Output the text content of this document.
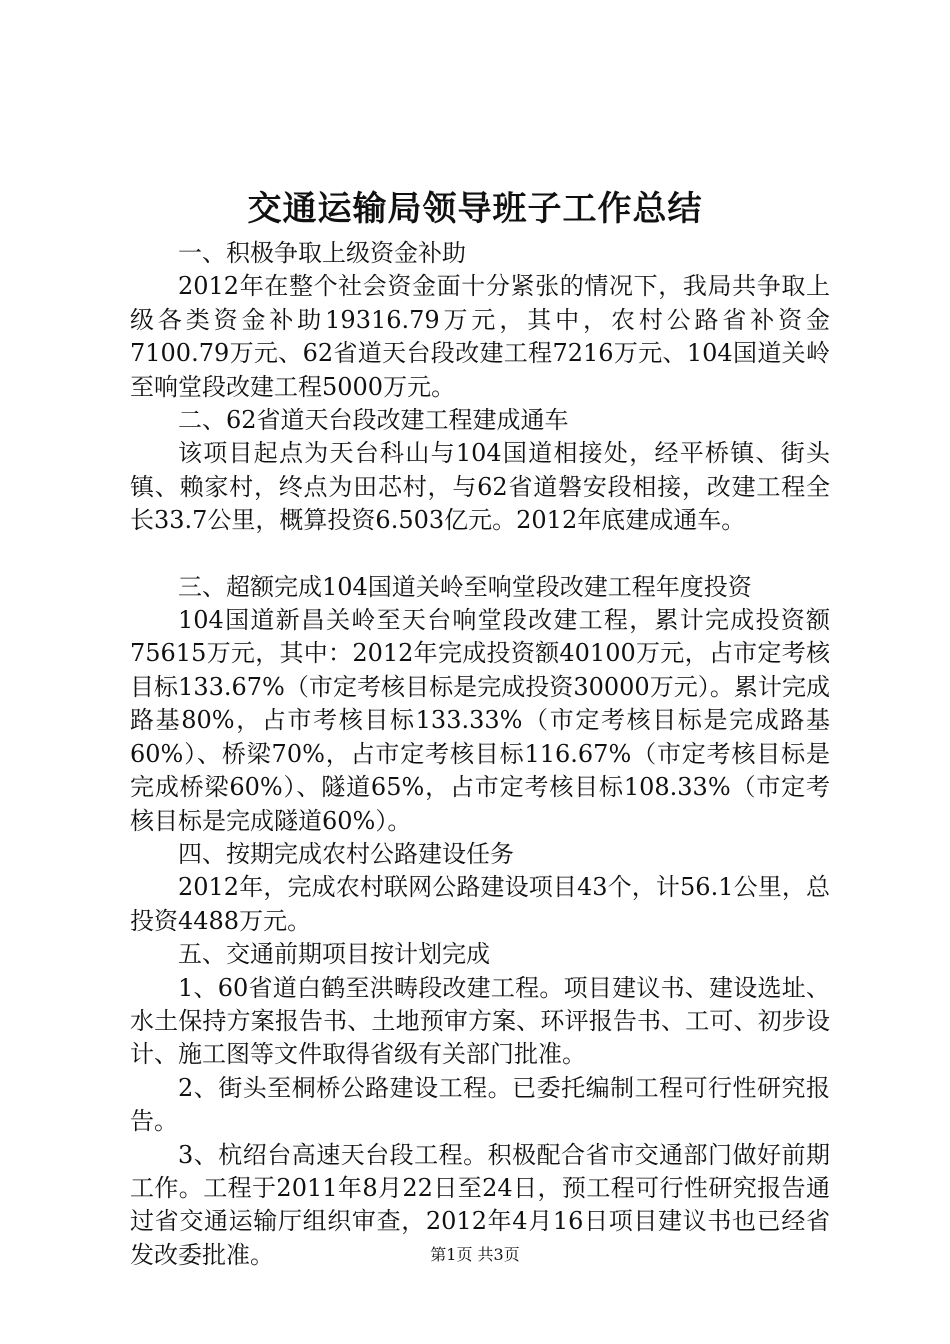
交通运输局领导班子工作总结

一、积极争取上级资金补助

2012年在整个社会资金面十分紧张的情况下，我局共争取上级各类资金补助19316.79万元，其中，农村公路省补资金7100.79万元、62省道天台段改建工程7216万元、104国道关岭至响堂段改建工程5000万元。

二、62省道天台段改建工程建成通车

该项目起点为天台科山与104国道相接处，经平桥镇、街头镇、赖家村，终点为田芯村，与62省道磐安段相接，改建工程全长33.7公里，概算投资6.503亿元。2012年底建成通车。

三、超额完成104国道关岭至响堂段改建工程年度投资

104国道新昌关岭至天台响堂段改建工程，累计完成投资额75615万元，其中：2012年完成投资额40100万元，占市定考核目标133.67%（市定考核目标是完成投资30000万元）。累计完成路基80%，占市考核目标133.33%（市定考核目标是完成路基60%）、桥梁70%，占市定考核目标116.67%（市定考核目标是完成桥梁60%）、隧道65%，占市定考核目标108.33%（市定考核目标是完成隧道60%）。

四、按期完成农村公路建设任务

2012年，完成农村联网公路建设项目43个，计56.1公里，总投资4488万元。

五、交通前期项目按计划完成

1、60省道白鹤至洪畴段改建工程。项目建议书、建设选址、水土保持方案报告书、土地预审方案、环评报告书、工可、初步设计、施工图等文件取得省级有关部门批准。

2、街头至桐桥公路建设工程。已委托编制工程可行性研究报告。

3、杭绍台高速天台段工程。积极配合省市交通部门做好前期工作。工程于2011年8月22日至24日，预工程可行性研究报告通过省交通运输厅组织审查，2012年4月16日项目建议书也已经省发改委批准。	第1页 共3页
